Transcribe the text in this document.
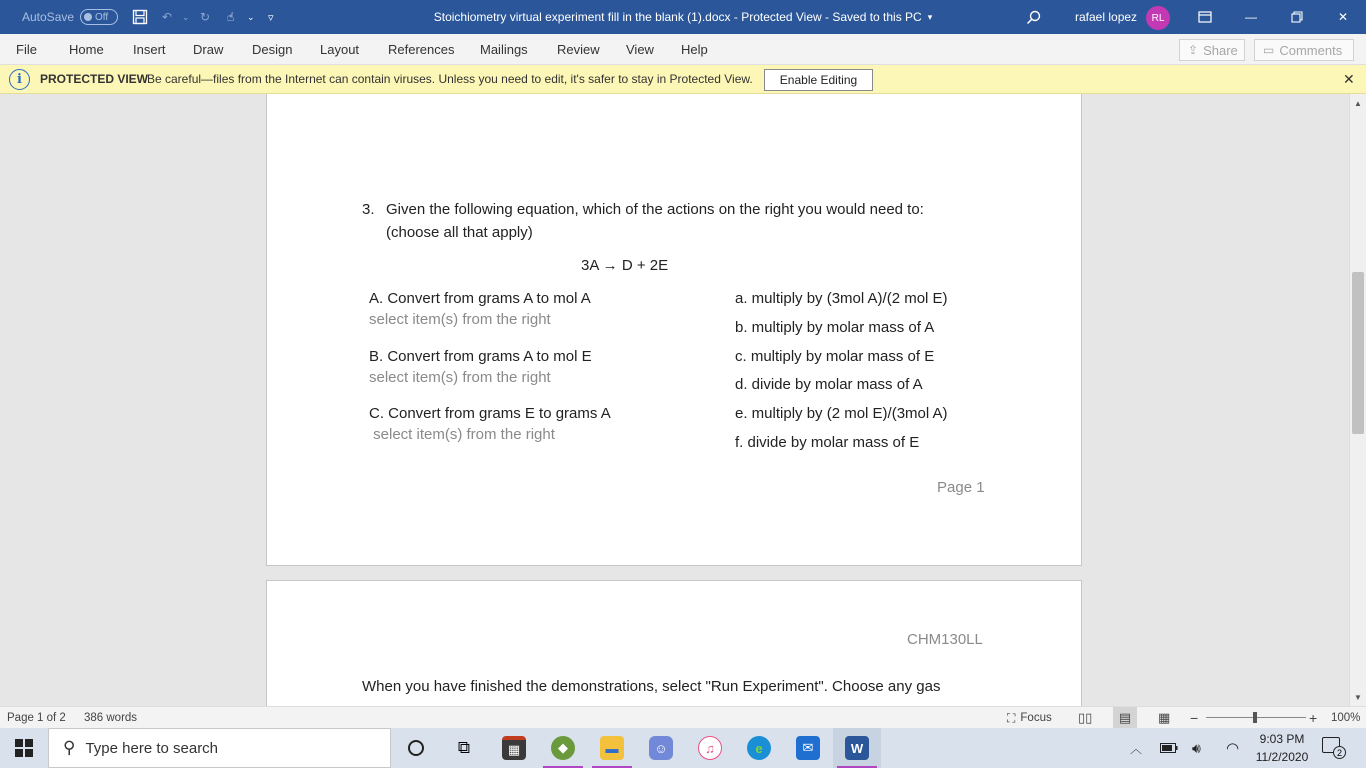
AutoSave Off	↶ ⌄ ↻ ☝ ⌄ ▿	Stoichiometry virtual experiment fill in the blank (1).docx - Protected View - Saved to this PC ▾	rafael lopez	RL	—	✕
File Home Insert Draw Design Layout References Mailings Review View Help	⇪ Share ▭ Comments
i	PROTECTED VIEW
Be careful—files from the Internet can contain viruses. Unless you need to edit, it's safer to stay in Protected View.	Enable Editing	✕
3. Given the following equation, which of the actions on the right you would need to:
(choose all that apply)
3A → D + 2E
A. Convert from grams A to mol A
select item(s) from the right
B. Convert from grams A to mol E
select item(s) from the right
C. Convert from grams E to grams A
select item(s) from the right
a. multiply by (3mol A)/(2 mol E)
b. multiply by molar mass of A
c. multiply by molar mass of E
d. divide by molar mass of A
e. multiply by (2 mol E)/(3mol A)
f. divide by molar mass of E
Page 1
CHM130LL
When you have finished the demonstrations, select "Run Experiment". Choose any gas
▲
▼
Page 1 of 2 386 words	⛶ Focus ▯▯	▤	▦ −	+ 100%
⚲
Type here to search	⧉	▦	◆	▬	☺	♫	e	✉	W	︿	🔊︎ ◠
9:03 PM
11/2/2020	2
